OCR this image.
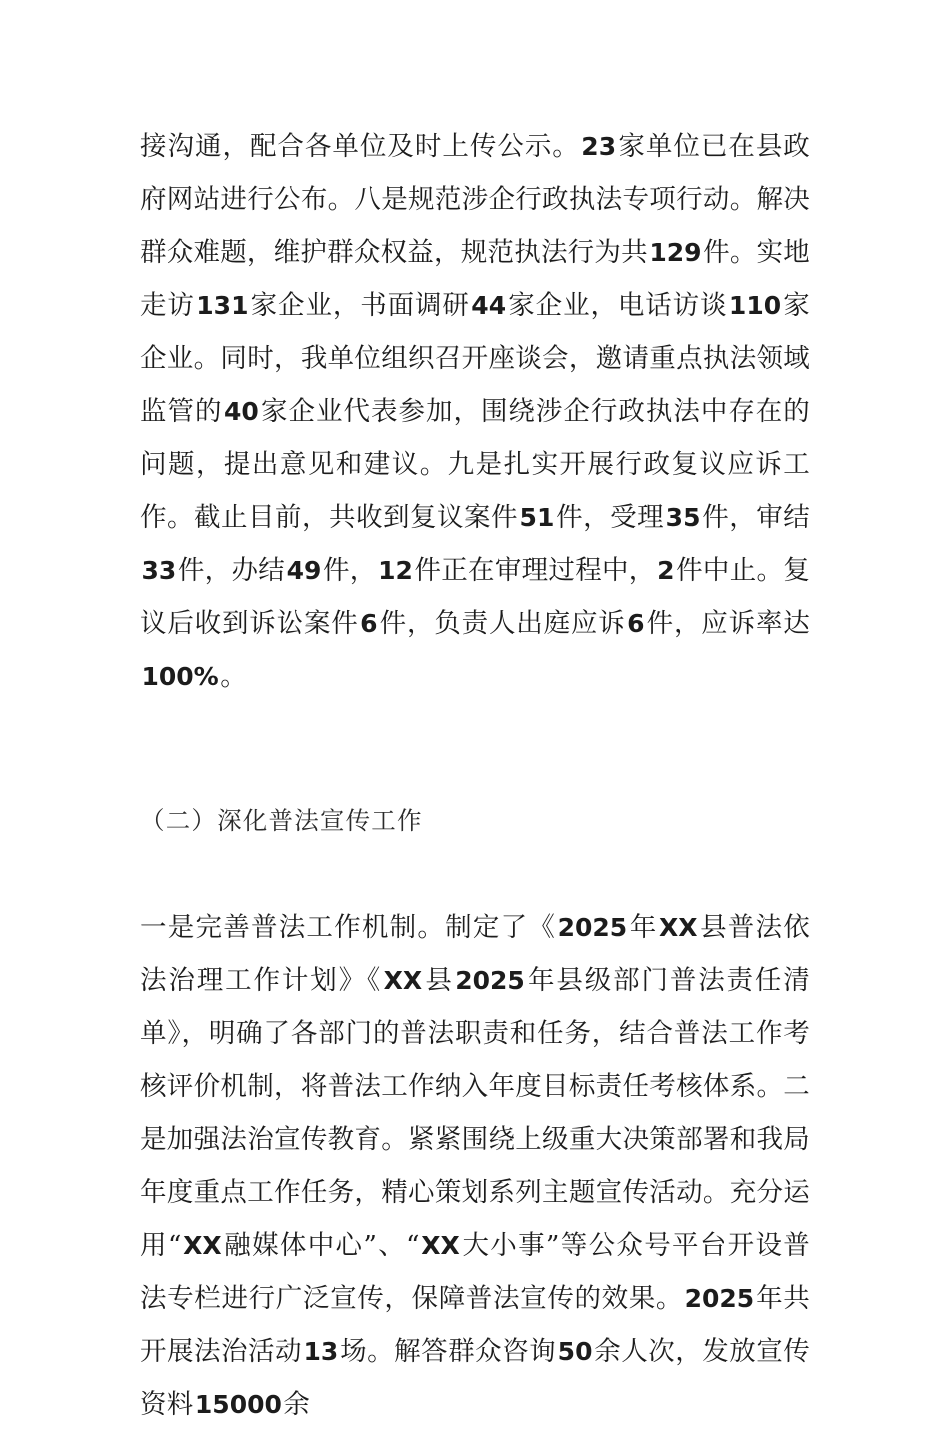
接沟通，配合各单位及时上传公示。23家单位已在县政府网站进行公布。八是规范涉企行政执法专项行动。解决群众难题，维护群众权益，规范执法行为共129件。实地走访131家企业，书面调研44家企业，电话访谈110家企业。同时，我单位组织召开座谈会，邀请重点执法领域监管的40家企业代表参加，围绕涉企行政执法中存在的问题，提出意见和建议。九是扎实开展行政复议应诉工作。截止目前，共收到复议案件51件，受理35件，审结33件，办结49件，12件正在审理过程中，2件中止。复议后收到诉讼案件6件，负责人出庭应诉6件，应诉率达100%。

（二）深化普法宣传工作

一是完善普法工作机制。制定了《2025年XX县普法依法治理工作计划》《XX县2025年县级部门普法责任清单》，明确了各部门的普法职责和任务，结合普法工作考核评价机制，将普法工作纳入年度目标责任考核体系。二是加强法治宣传教育。紧紧围绕上级重大决策部署和我局年度重点工作任务，精心策划系列主题宣传活动。充分运用“XX融媒体中心”、“XX大小事”等公众号平台开设普法专栏进行广泛宣传，保障普法宣传的效果。2025年共开展法治活动13场。解答群众咨询50余人次，发放宣传资料15000余
